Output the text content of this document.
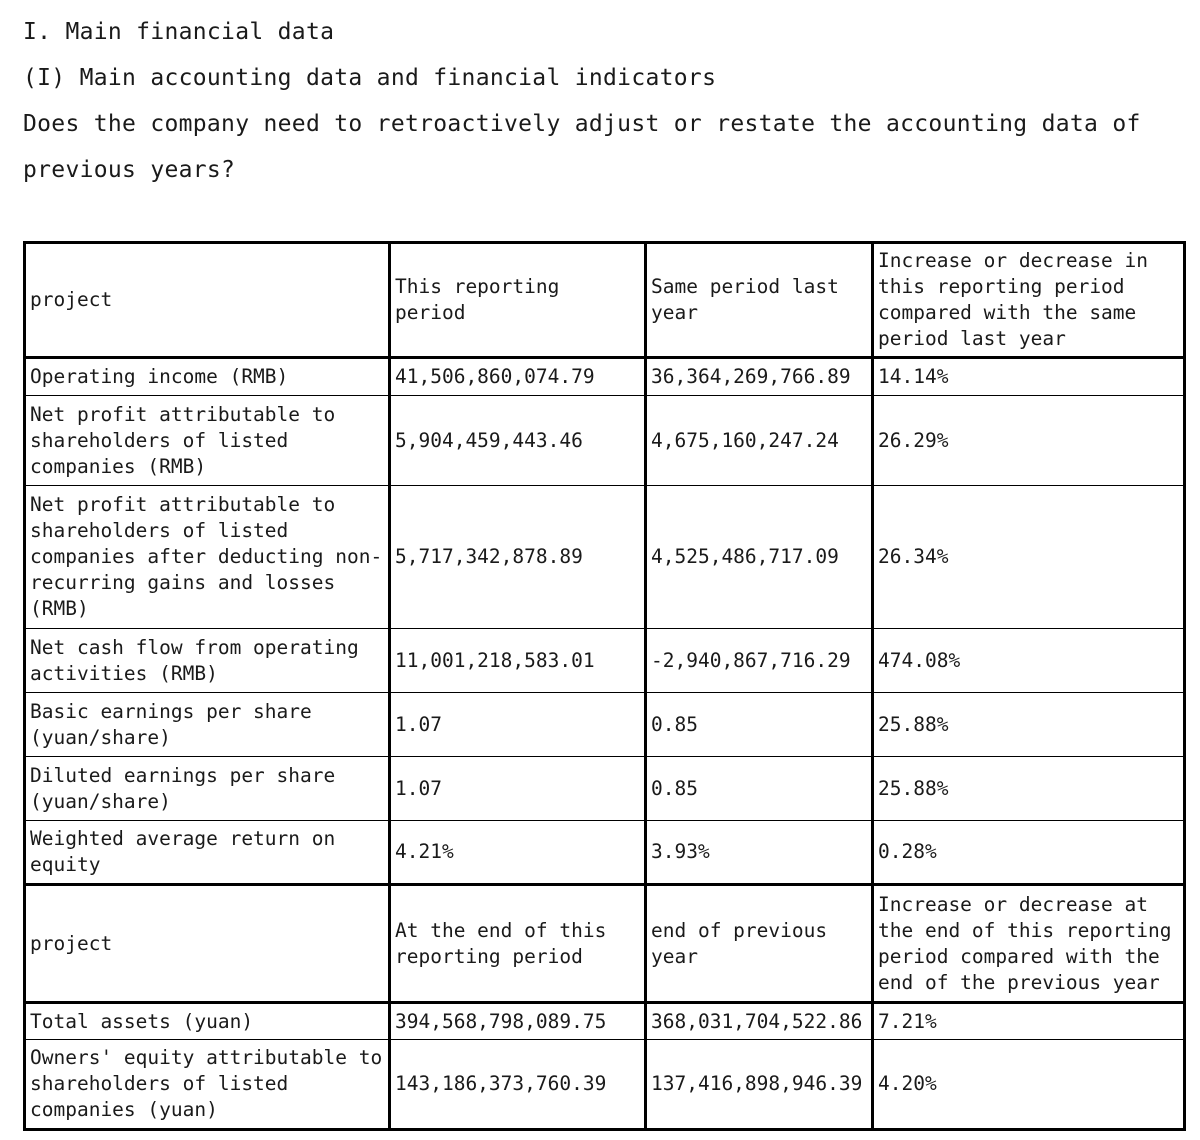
I. Main financial data

(I) Main accounting data and financial indicators

Does the company need to retroactively adjust or restate the accounting data of

previous years?

project	This reporting period	Same period last year	Increase or decrease in this reporting period compared with the same period last year
Operating income (RMB)	41,506,860,074.79	36,364,269,766.89	14.14%
Net profit attributable to shareholders of listed companies (RMB)	5,904,459,443.46	4,675,160,247.24	26.29%
Net profit attributable to shareholders of listed companies after deducting non-recurring gains and losses (RMB)	5,717,342,878.89	4,525,486,717.09	26.34%
Net cash flow from operating activities (RMB)	11,001,218,583.01	-2,940,867,716.29	474.08%
Basic earnings per share (yuan/share)	1.07	0.85	25.88%
Diluted earnings per share (yuan/share)	1.07	0.85	25.88%
Weighted average return on equity	4.21%	3.93%	0.28%
project	At the end of this reporting period	end of previous year	Increase or decrease at the end of this reporting period compared with the end of the previous year
Total assets (yuan)	394,568,798,089.75	368,031,704,522.86	7.21%
Owners' equity attributable to shareholders of listed companies (yuan)	143,186,373,760.39	137,416,898,946.39	4.20%
